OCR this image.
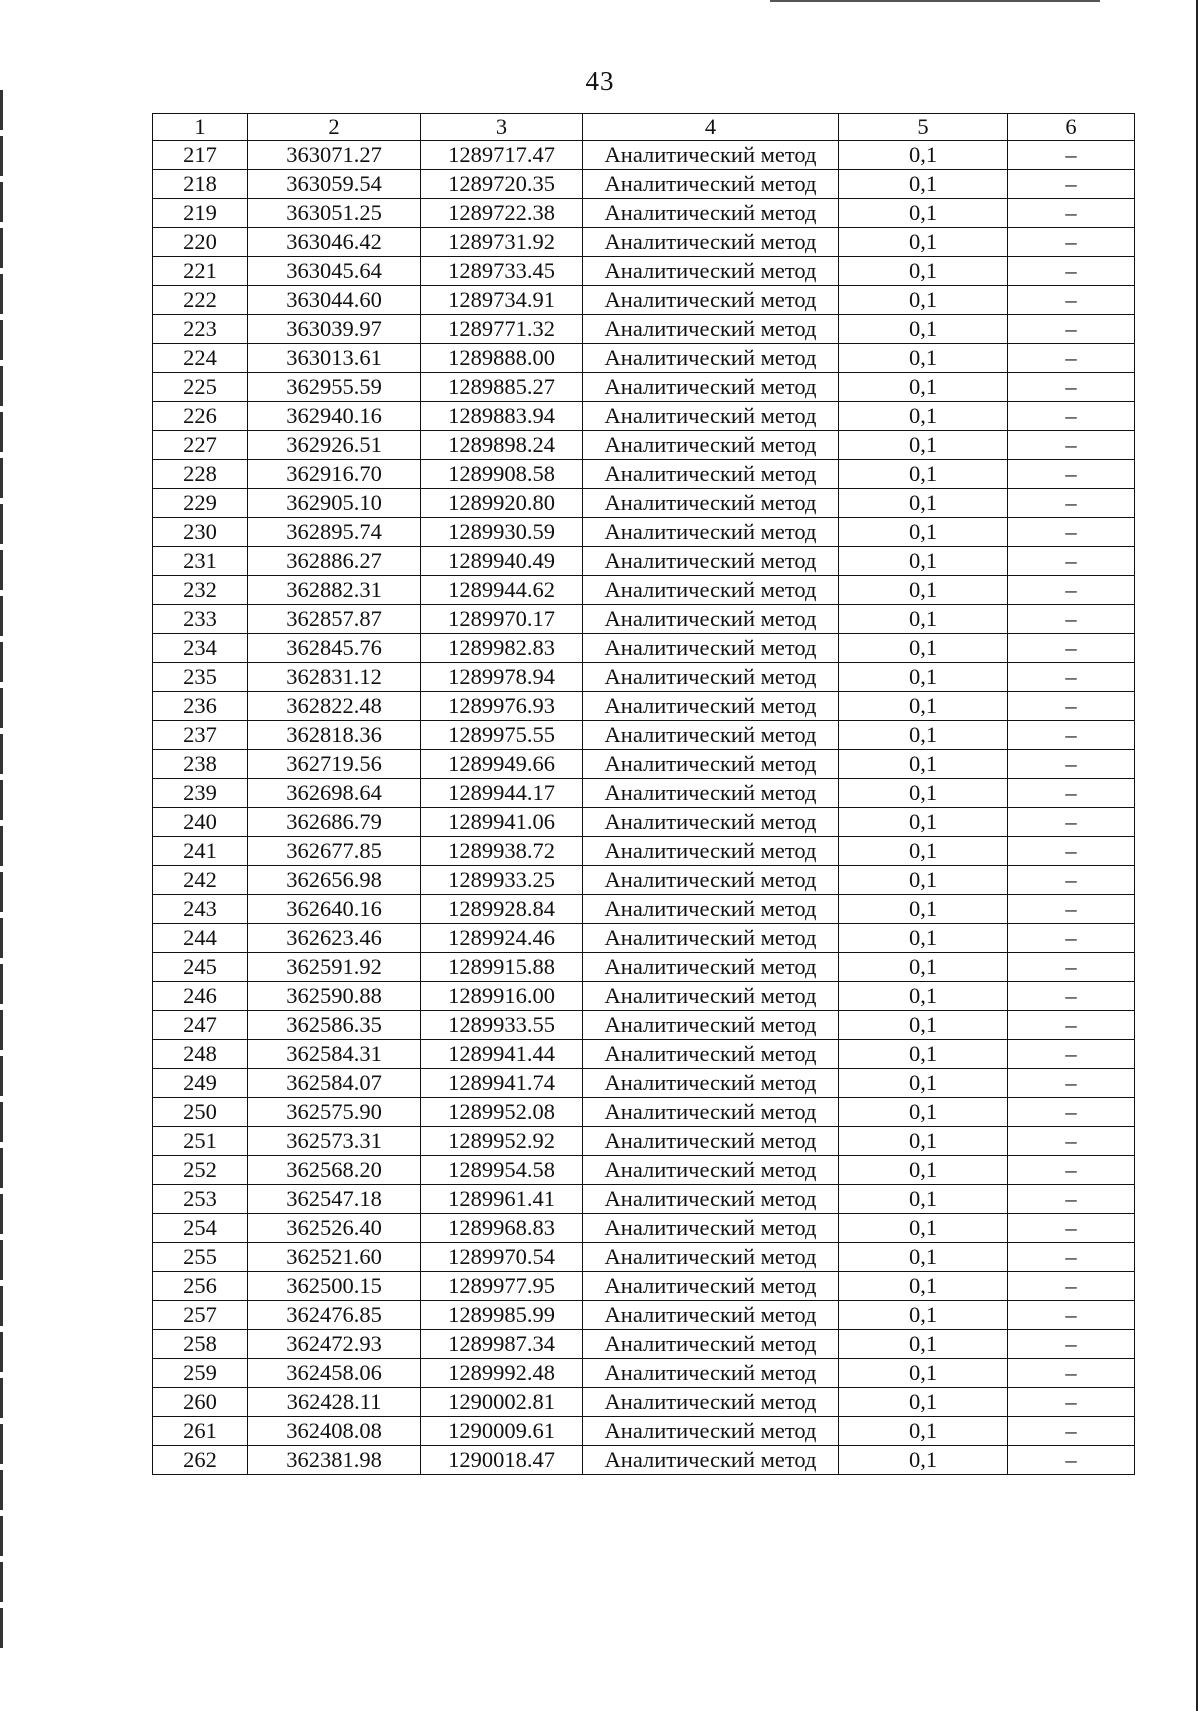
43
1	2	3	4	5	6
217	363071.27	1289717.47	Аналитический метод	0,1	–
218	363059.54	1289720.35	Аналитический метод	0,1	–
219	363051.25	1289722.38	Аналитический метод	0,1	–
220	363046.42	1289731.92	Аналитический метод	0,1	–
221	363045.64	1289733.45	Аналитический метод	0,1	–
222	363044.60	1289734.91	Аналитический метод	0,1	–
223	363039.97	1289771.32	Аналитический метод	0,1	–
224	363013.61	1289888.00	Аналитический метод	0,1	–
225	362955.59	1289885.27	Аналитический метод	0,1	–
226	362940.16	1289883.94	Аналитический метод	0,1	–
227	362926.51	1289898.24	Аналитический метод	0,1	–
228	362916.70	1289908.58	Аналитический метод	0,1	–
229	362905.10	1289920.80	Аналитический метод	0,1	–
230	362895.74	1289930.59	Аналитический метод	0,1	–
231	362886.27	1289940.49	Аналитический метод	0,1	–
232	362882.31	1289944.62	Аналитический метод	0,1	–
233	362857.87	1289970.17	Аналитический метод	0,1	–
234	362845.76	1289982.83	Аналитический метод	0,1	–
235	362831.12	1289978.94	Аналитический метод	0,1	–
236	362822.48	1289976.93	Аналитический метод	0,1	–
237	362818.36	1289975.55	Аналитический метод	0,1	–
238	362719.56	1289949.66	Аналитический метод	0,1	–
239	362698.64	1289944.17	Аналитический метод	0,1	–
240	362686.79	1289941.06	Аналитический метод	0,1	–
241	362677.85	1289938.72	Аналитический метод	0,1	–
242	362656.98	1289933.25	Аналитический метод	0,1	–
243	362640.16	1289928.84	Аналитический метод	0,1	–
244	362623.46	1289924.46	Аналитический метод	0,1	–
245	362591.92	1289915.88	Аналитический метод	0,1	–
246	362590.88	1289916.00	Аналитический метод	0,1	–
247	362586.35	1289933.55	Аналитический метод	0,1	–
248	362584.31	1289941.44	Аналитический метод	0,1	–
249	362584.07	1289941.74	Аналитический метод	0,1	–
250	362575.90	1289952.08	Аналитический метод	0,1	–
251	362573.31	1289952.92	Аналитический метод	0,1	–
252	362568.20	1289954.58	Аналитический метод	0,1	–
253	362547.18	1289961.41	Аналитический метод	0,1	–
254	362526.40	1289968.83	Аналитический метод	0,1	–
255	362521.60	1289970.54	Аналитический метод	0,1	–
256	362500.15	1289977.95	Аналитический метод	0,1	–
257	362476.85	1289985.99	Аналитический метод	0,1	–
258	362472.93	1289987.34	Аналитический метод	0,1	–
259	362458.06	1289992.48	Аналитический метод	0,1	–
260	362428.11	1290002.81	Аналитический метод	0,1	–
261	362408.08	1290009.61	Аналитический метод	0,1	–
262	362381.98	1290018.47	Аналитический метод	0,1	–
